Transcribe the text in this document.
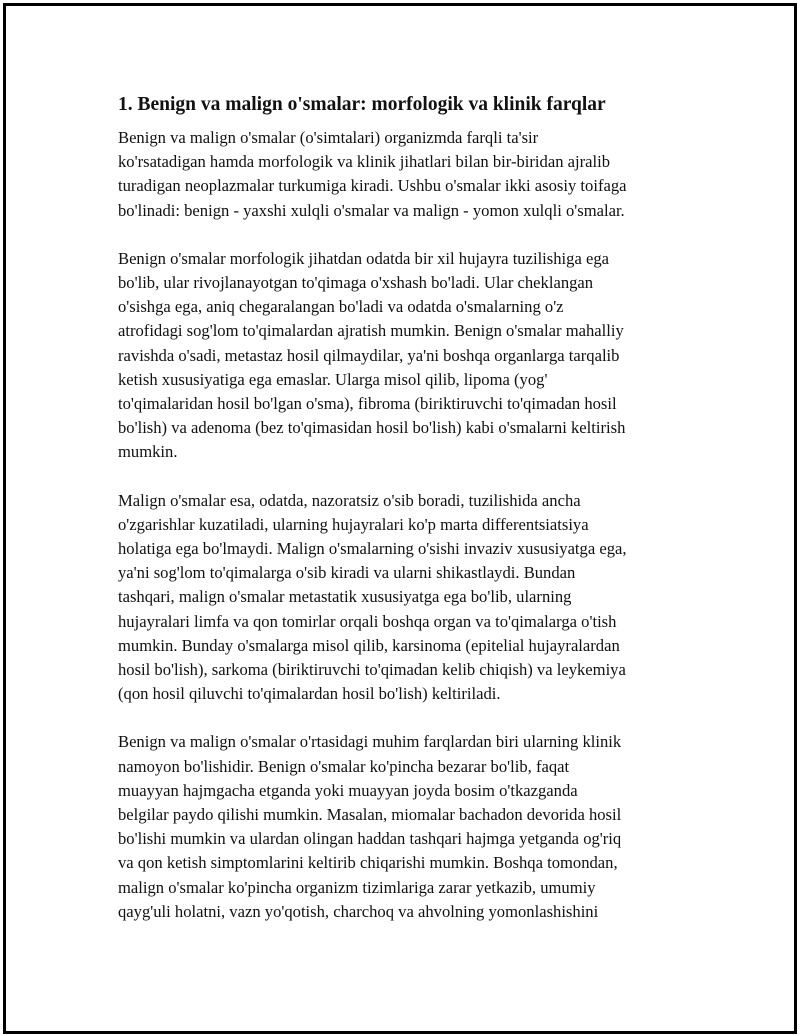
1. Benign va malign o'smalar: morfologik va klinik farqlar
Benign va malign o'smalar (o'simtalari) organizmda farqli ta'sir
ko'rsatadigan hamda morfologik va klinik jihatlari bilan bir-biridan ajralib
turadigan neoplazmalar turkumiga kiradi. Ushbu o'smalar ikki asosiy toifaga
bo'linadi: benign - yaxshi xulqli o'smalar va malign - yomon xulqli o'smalar.
Benign o'smalar morfologik jihatdan odatda bir xil hujayra tuzilishiga ega
bo'lib, ular rivojlanayotgan to'qimaga o'xshash bo'ladi. Ular cheklangan
o'sishga ega, aniq chegaralangan bo'ladi va odatda o'smalarning o'z
atrofidagi sog'lom to'qimalardan ajratish mumkin. Benign o'smalar mahalliy
ravishda o'sadi, metastaz hosil qilmaydilar, ya'ni boshqa organlarga tarqalib
ketish xususiyatiga ega emaslar. Ularga misol qilib, lipoma (yog'
to'qimalaridan hosil bo'lgan o'sma), fibroma (biriktiruvchi to'qimadan hosil
bo'lish) va adenoma (bez to'qimasidan hosil bo'lish) kabi o'smalarni keltirish
mumkin.
Malign o'smalar esa, odatda, nazoratsiz o'sib boradi, tuzilishida ancha
o'zgarishlar kuzatiladi, ularning hujayralari ko'p marta differentsiatsiya
holatiga ega bo'lmaydi. Malign o'smalarning o'sishi invaziv xususiyatga ega,
ya'ni sog'lom to'qimalarga o'sib kiradi va ularni shikastlaydi. Bundan
tashqari, malign o'smalar metastatik xususiyatga ega bo'lib, ularning
hujayralari limfa va qon tomirlar orqali boshqa organ va to'qimalarga o'tish
mumkin. Bunday o'smalarga misol qilib, karsinoma (epitelial hujayralardan
hosil bo'lish), sarkoma (biriktiruvchi to'qimadan kelib chiqish) va leykemiya
(qon hosil qiluvchi to'qimalardan hosil bo'lish) keltiriladi.
Benign va malign o'smalar o'rtasidagi muhim farqlardan biri ularning klinik
namoyon bo'lishidir. Benign o'smalar ko'pincha bezarar bo'lib, faqat
muayyan hajmgacha etganda yoki muayyan joyda bosim o'tkazganda
belgilar paydo qilishi mumkin. Masalan, miomalar bachadon devorida hosil
bo'lishi mumkin va ulardan olingan haddan tashqari hajmga yetganda og'riq
va qon ketish simptomlarini keltirib chiqarishi mumkin. Boshqa tomondan,
malign o'smalar ko'pincha organizm tizimlariga zarar yetkazib, umumiy
qayg'uli holatni, vazn yo'qotish, charchoq va ahvolning yomonlashishini
